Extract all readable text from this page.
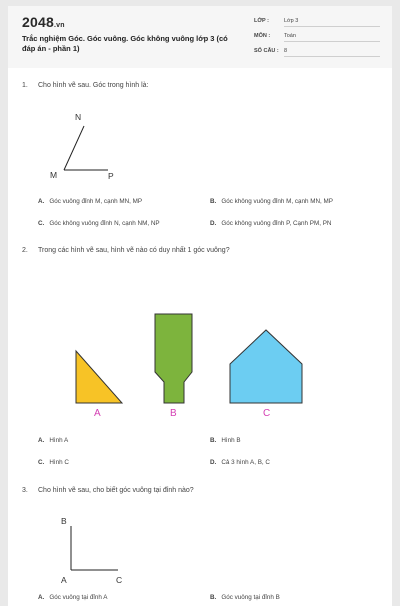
2048.vn
Trắc nghiệm Góc. Góc vuông. Góc không vuông lớp 3 (có đáp án - phần 1)
LỚP :	Lớp 3
MÔN :	Toán
SỐ CÂU : 8
1. Cho hình vẽ sau. Góc trong hình là:
N
M	P
A. Góc vuông đỉnh M, cạnh MN, MP	B. Góc không vuông đỉnh M, cạnh MN, MP
C. Góc không vuông đỉnh N, cạnh NM, NP	D. Góc không vuông đỉnh P, Cạnh PM, PN
2. Trong các hình vẽ sau, hình vẽ nào có duy nhất 1 góc vuông?
A	B	C
A. Hình A	B. Hình B
C. Hình C	D. Cả 3 hình A, B, C
3. Cho hình vẽ sau, cho biết góc vuông tại đỉnh nào?
B
A	C
A. Góc vuông tại đỉnh A	B. Góc vuông tại đỉnh B
